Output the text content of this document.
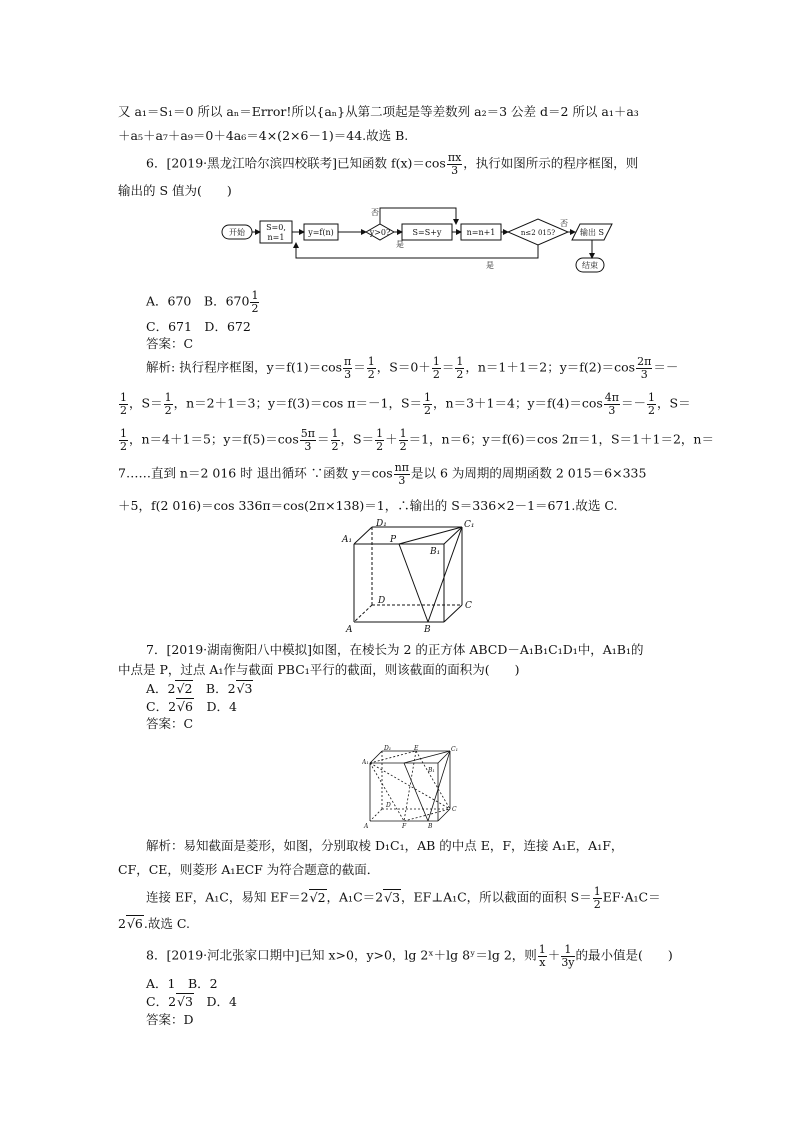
又 a₁＝S₁＝0 所以 aₙ＝Error!所以{aₙ}从第二项起是等差数列 a₂＝3 公差 d＝2 所以 a₁＋a₃
＋a₅＋a₇＋a₉＝0＋4a₆＝4×(2×6－1)＝44.故选 B.
6．[2019·黑龙江哈尔滨四校联考]已知函数 $f(x)=\cos \frac{\pi x}{3}$ ，执行如图所示的程序框图，则
输出的 S 值为(　　)
开始
S=0,
n=1
y=f(n)	y>0?	S=S+y	n=n+1	n≤2 015?	输出 S
结束
否
是
否
是
A．670　B．$670 \frac{1}{2}$
C．671　D．672
答案：C
解析: 执行程序框图，$y=f(1)=\cos \frac{\pi}{3} = \frac{1}{2}$ ，$S=0+ \frac{1}{2} = \frac{1}{2}$ ，n＝1＋1＝2；$y=f(2)=\cos \frac{2\pi}{3}$ ＝－
$\frac{1}{2}$ ，$S= \frac{1}{2}$ ，n＝2＋1＝3；y＝f(3)＝cos π＝－1，$S= \frac{1}{2}$ ，n＝3＋1＝4；$y=f(4)=\cos \frac{4\pi}{3} =- \frac{1}{2}$ ，S＝
$\frac{1}{2}$ ，n＝4＋1＝5；$y=f(5)=\cos \frac{5\pi}{3} = \frac{1}{2}$ ，$S= \frac{1}{2} + \frac{1}{2} =1$，n＝6；y＝f(6)＝cos 2π＝1，S＝1＋1＝2，n＝
7……直到 n＝2 016 时 退出循环 ∵函数 $y=\cos \frac{n\pi}{3}$ 是以 6 为周期的周期函数 2 015＝6×335
＋5，f(2 016)＝cos 336π＝cos(2π×138)＝1，∴输出的 S＝336×2－1＝671.故选 C.
D₁	C₁
A₁	P
B₁
D	C
A	B
7．[2019·湖南衡阳八中模拟]如图，在棱长为 2 的正方体 ABCD－A₁B₁C₁D₁中，A₁B₁的
中点是 P，过点 A₁作与截面 PBC₁平行的截面，则该截面的面积为(　　)
A．2√2　B．2√3
C．2√6　D．4
答案：C
D₁	E	C₁
A₁
B₁
D
C
A	F	B
解析：易知截面是菱形，如图，分别取棱 D₁C₁，AB 的中点 E，F，连接 A₁E，A₁F，
CF，CE，则菱形 A₁ECF 为符合题意的截面．
连接 EF，A₁C，易知 EF＝2√2，A₁C＝2√3，EF⊥A₁C，所以截面的面积 $S= \frac{1}{2} EF\cdot A_1C=$
2√6.故选 C.
8．[2019·河北张家口期中]已知 x>0，y>0，lg 2ˣ＋lg 8ʸ＝lg 2，则 $\frac{1}{x} + \frac{1}{3y}$ 的最小值是(　　)
A．1　B．2
C．2√3　D．4
答案：D
